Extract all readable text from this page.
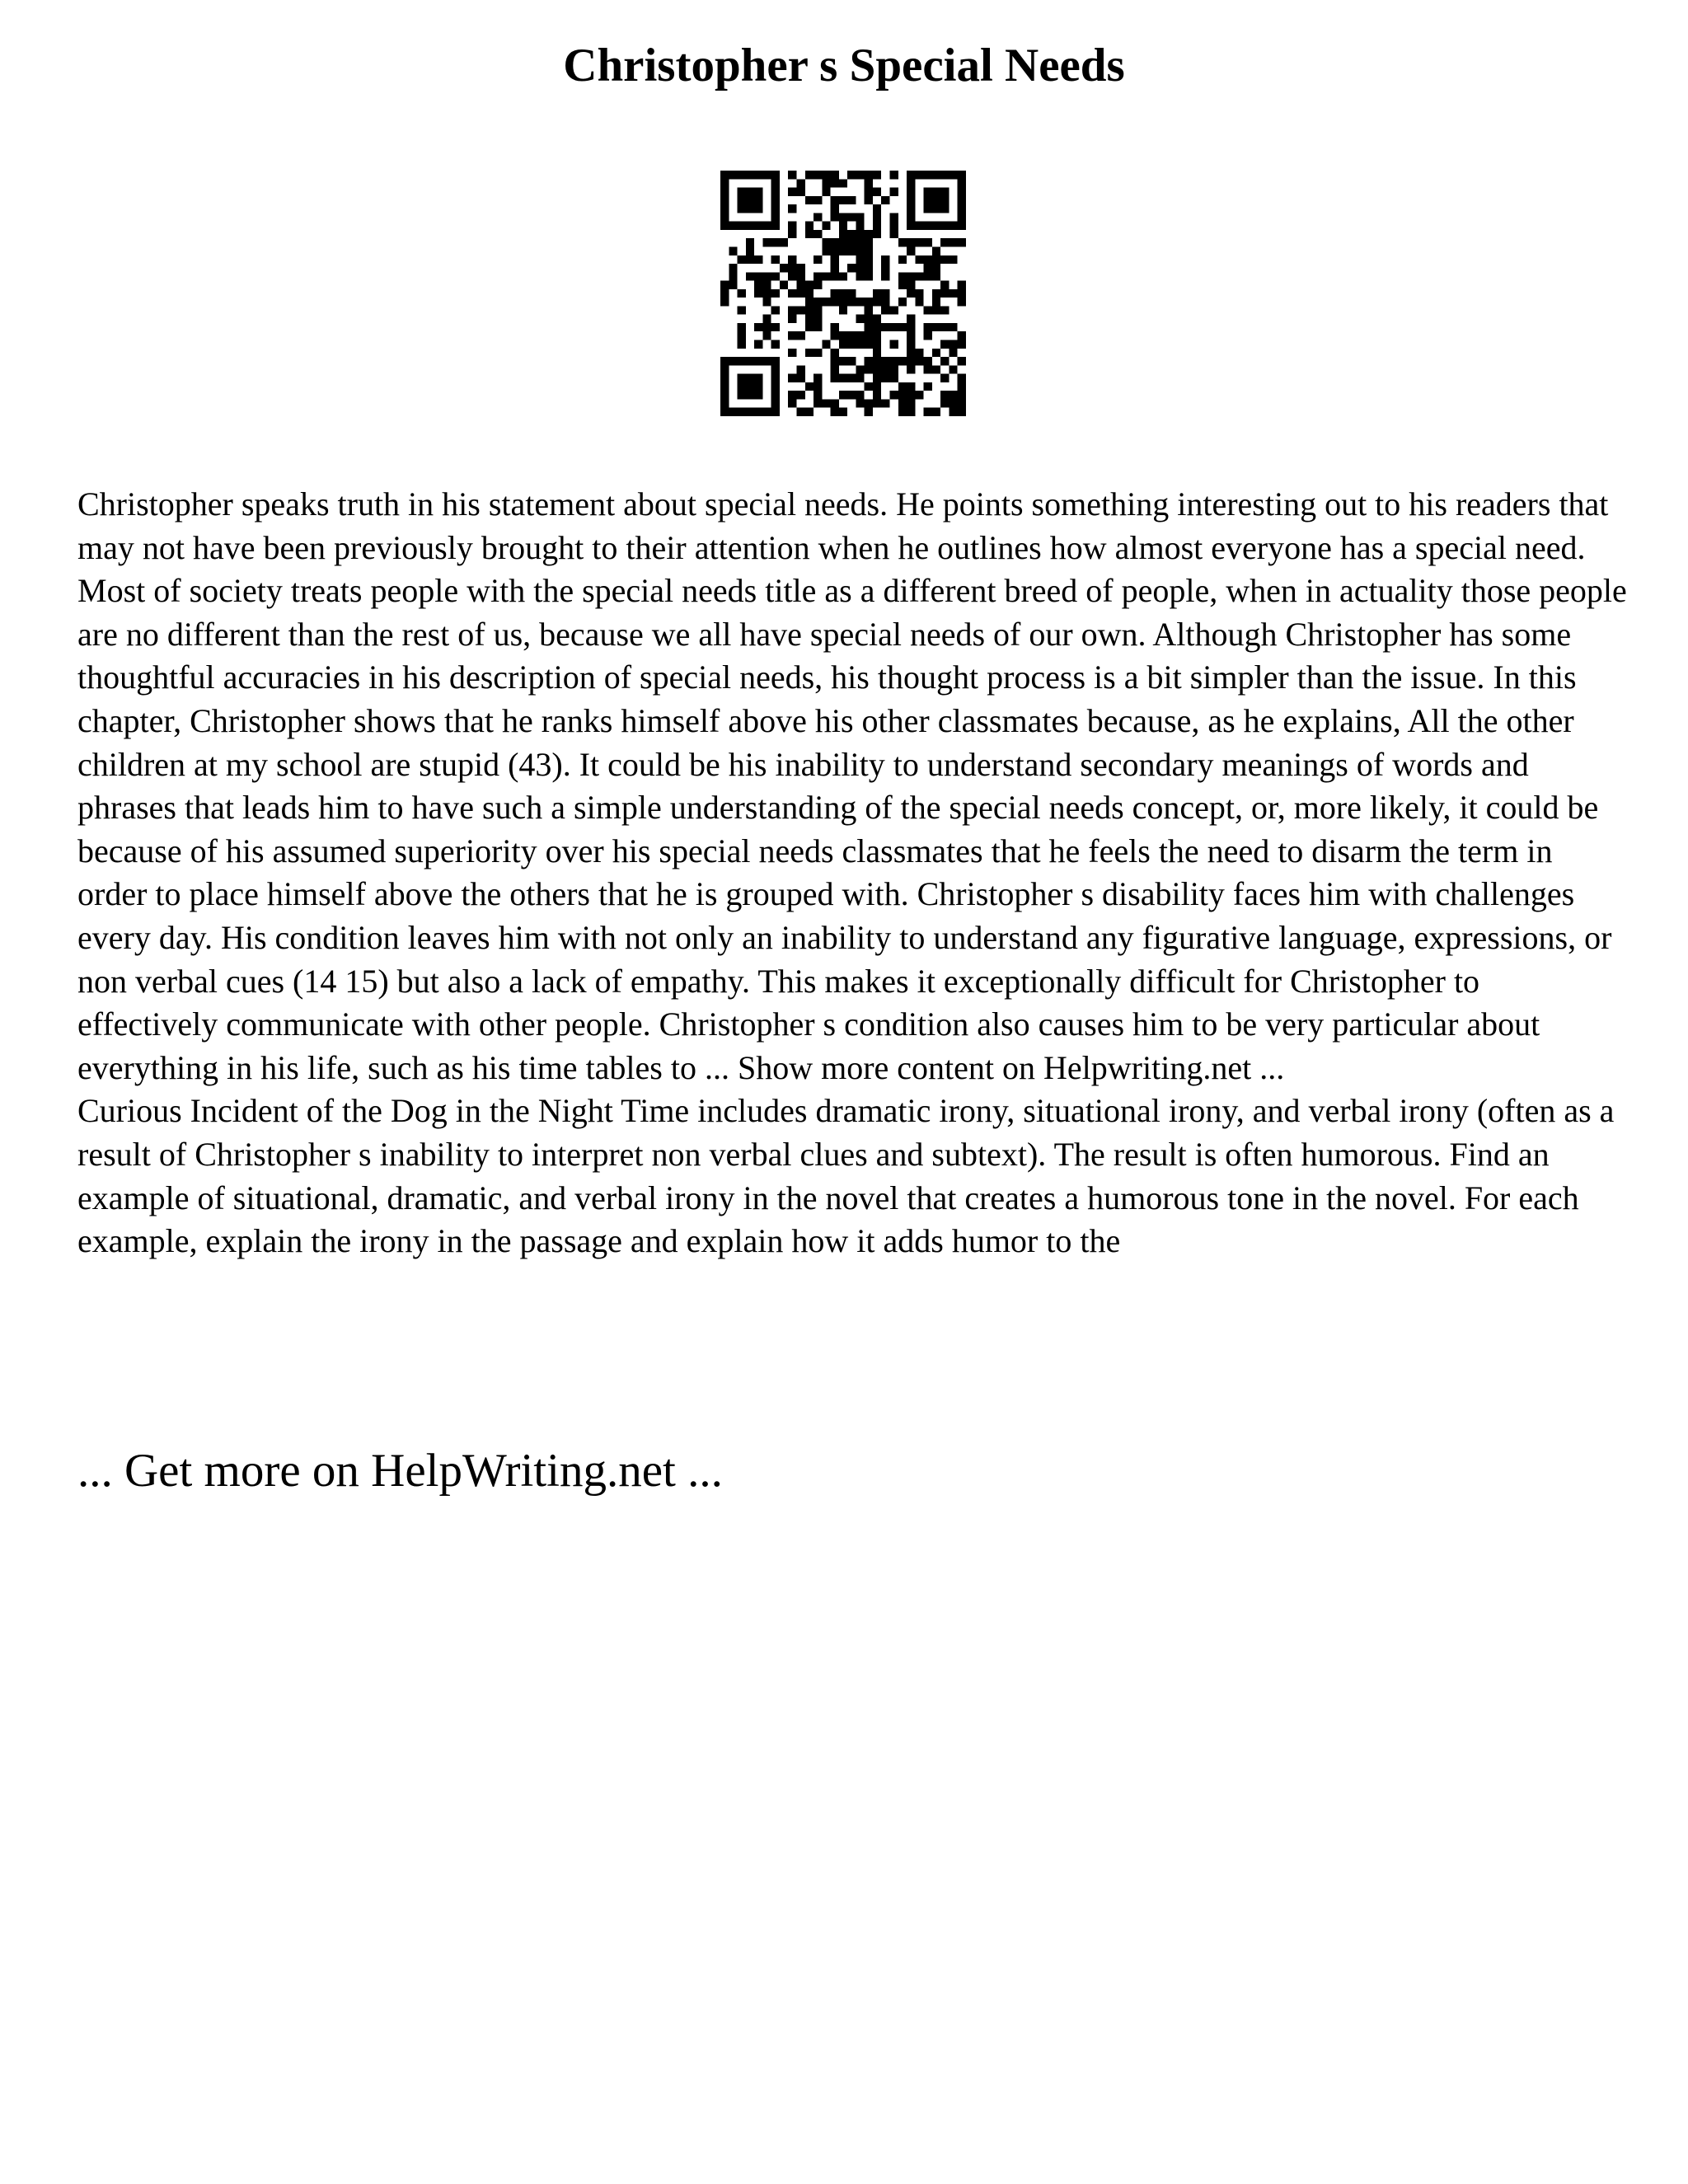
Christopher s Special Needs

Christopher speaks truth in his statement about special needs. He points something interesting out to his readers that may not have been previously brought to their attention when he outlines how almost everyone has a special need. Most of society treats people with the special needs title as a different breed of people, when in actuality those people are no different than the rest of us, because we all have special needs of our own. Although Christopher has some thoughtful accuracies in his description of special needs, his thought process is a bit simpler than the issue. In this chapter, Christopher shows that he ranks himself above his other classmates because, as he explains, All the other children at my school are stupid (43). It could be his inability to understand secondary meanings of words and phrases that leads him to have such a simple understanding of the special needs concept, or, more likely, it could be because of his assumed superiority over his special needs classmates that he feels the need to disarm the term in order to place himself above the others that he is grouped with. Christopher s disability faces him with challenges every day. His condition leaves him with not only an inability to understand any figurative language, expressions, or non verbal cues (14 15) but also a lack of empathy. This makes it exceptionally difficult for Christopher to effectively communicate with other people. Christopher s condition also causes him to be very particular about everything in his life, such as his time tables to ... Show more content on Helpwriting.net ...

Curious Incident of the Dog in the Night Time includes dramatic irony, situational irony, and verbal irony (often as a result of Christopher s inability to interpret non verbal clues and subtext). The result is often humorous. Find an example of situational, dramatic, and verbal irony in the novel that creates a humorous tone in the novel. For each example, explain the irony in the passage and explain how it adds humor to the

... Get more on HelpWriting.net ...
